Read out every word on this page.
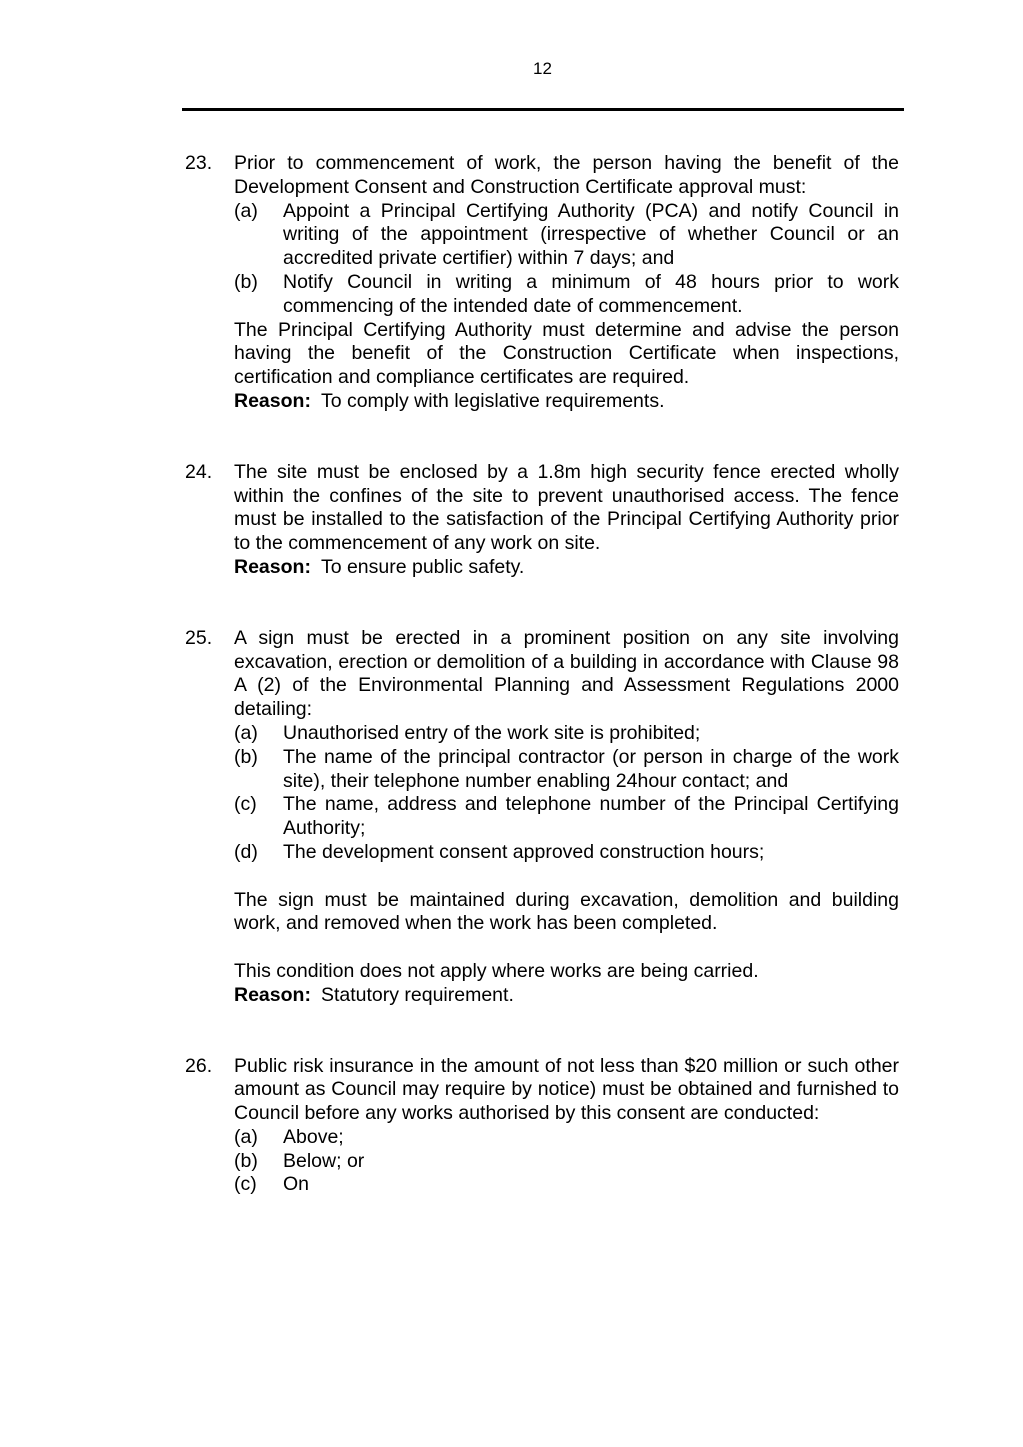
12
23. Prior to commencement of work, the person having the benefit of the Development Consent and Construction Certificate approval must:

(a) Appoint a Principal Certifying Authority (PCA) and notify Council in writing of the appointment (irrespective of whether Council or an accredited private certifier) within 7 days; and
(b) Notify Council in writing a minimum of 48 hours prior to work commencing of the intended date of commencement.

The Principal Certifying Authority must determine and advise the person having the benefit of the Construction Certificate when inspections, certification and compliance certificates are required.

Reason: To comply with legislative requirements.

24. The site must be enclosed by a 1.8m high security fence erected wholly within the confines of the site to prevent unauthorised access. The fence must be installed to the satisfaction of the Principal Certifying Authority prior to the commencement of any work on site.

Reason: To ensure public safety.

25. A sign must be erected in a prominent position on any site involving excavation, erection or demolition of a building in accordance with Clause 98 A (2) of the Environmental Planning and Assessment Regulations 2000 detailing:

(a) Unauthorised entry of the work site is prohibited;
(b) The name of the principal contractor (or person in charge of the work site), their telephone number enabling 24hour contact; and
(c) The name, address and telephone number of the Principal Certifying Authority;
(d) The development consent approved construction hours;

The sign must be maintained during excavation, demolition and building work, and removed when the work has been completed.

This condition does not apply where works are being carried.

Reason: Statutory requirement.

26. Public risk insurance in the amount of not less than $20 million or such other amount as Council may require by notice) must be obtained and furnished to Council before any works authorised by this consent are conducted:

(a) Above;
(b) Below; or
(c) On
